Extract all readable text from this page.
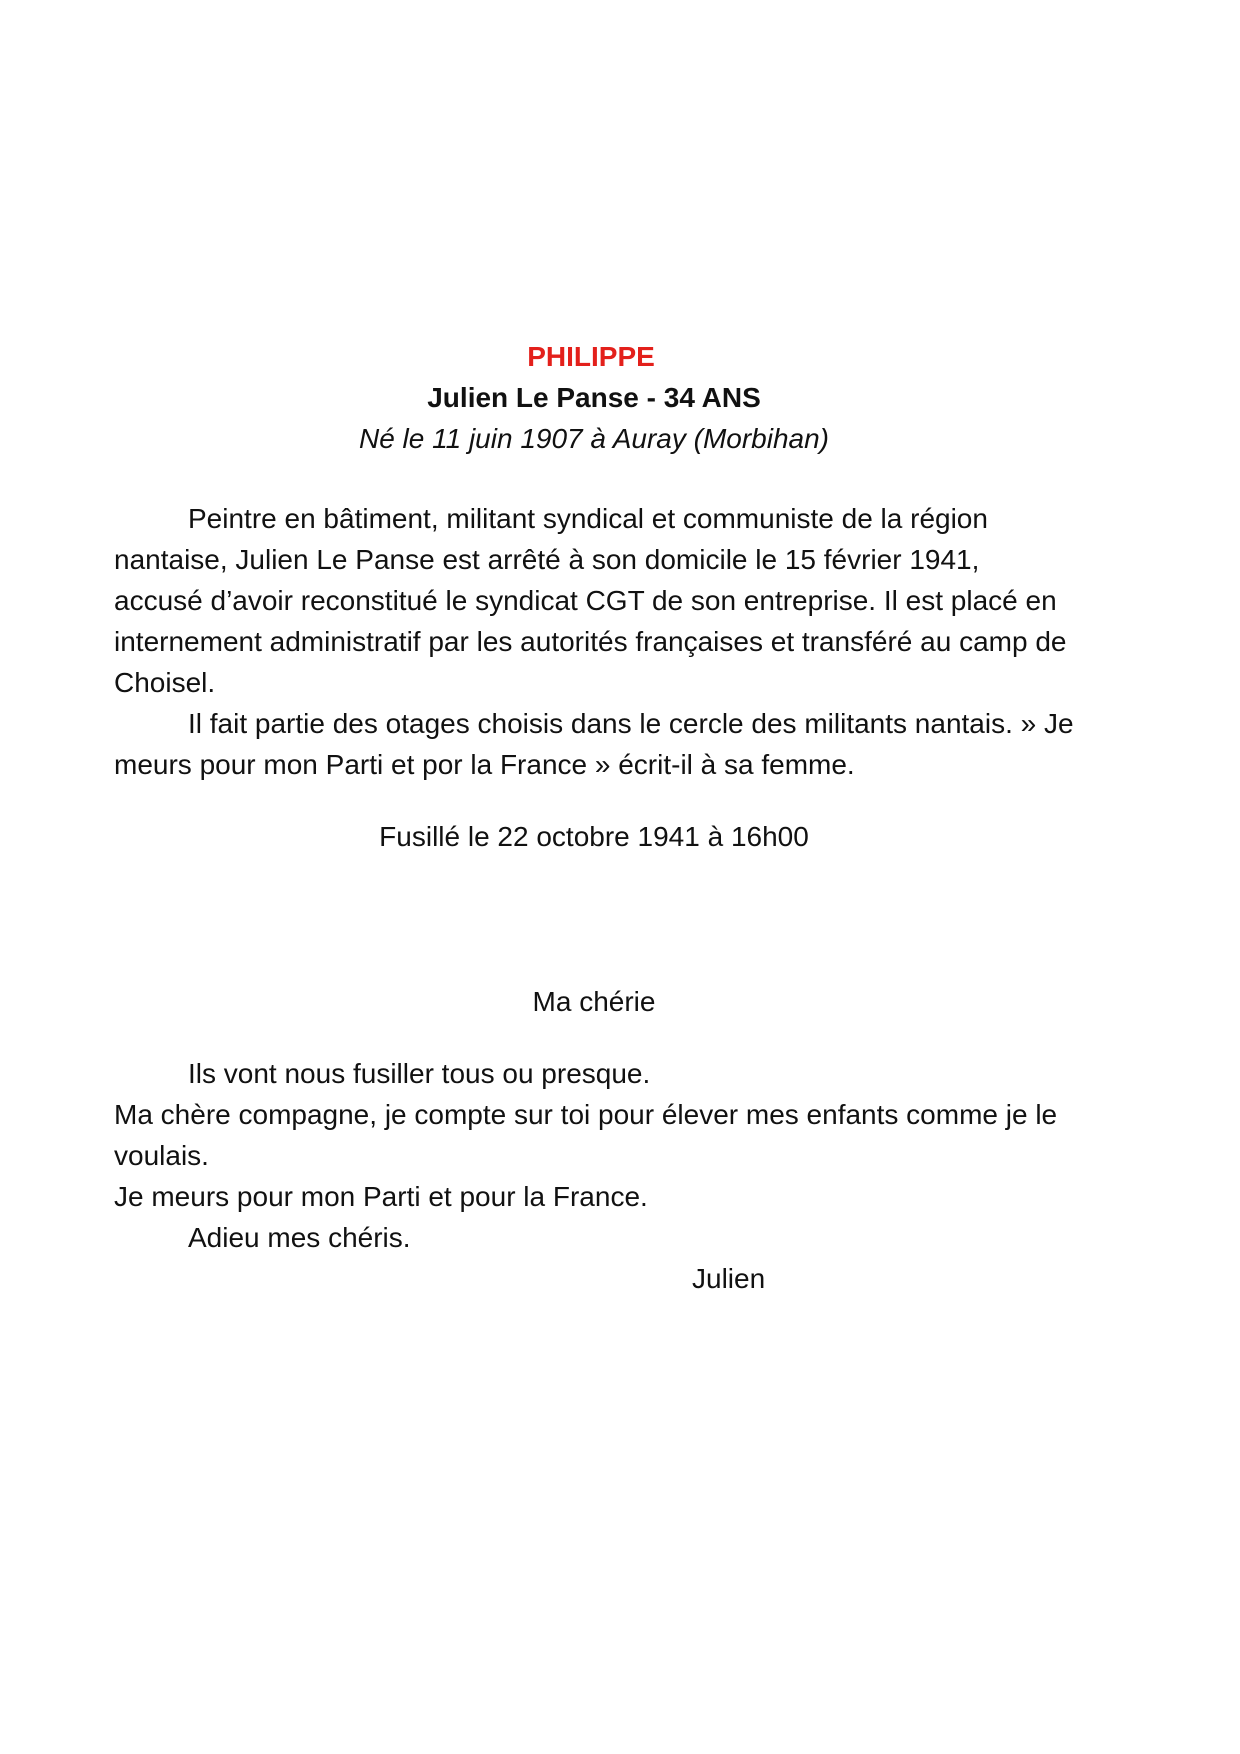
PHILIPPE
Julien Le Panse - 34 ANS
Né le 11 juin 1907 à Auray (Morbihan)

Peintre en bâtiment, militant syndical et communiste de la région nantaise, Julien Le Panse est arrêté à son domicile le 15 février 1941, accusé d’avoir reconstitué le syndicat CGT de son entreprise. Il est placé en internement administratif par les autorités françaises et transféré au camp de Choisel.

Il fait partie des otages choisis dans le cercle des militants nantais. » Je meurs pour mon Parti et por la France » écrit-il à sa femme.

Fusillé le 22 octobre 1941 à 16h00
Ma chérie

Ils vont nous fusiller tous ou presque.

Ma chère compagne, je compte sur toi pour élever mes enfants comme je le voulais.

Je meurs pour mon Parti et pour la France.

Adieu mes chéris.

Julien
